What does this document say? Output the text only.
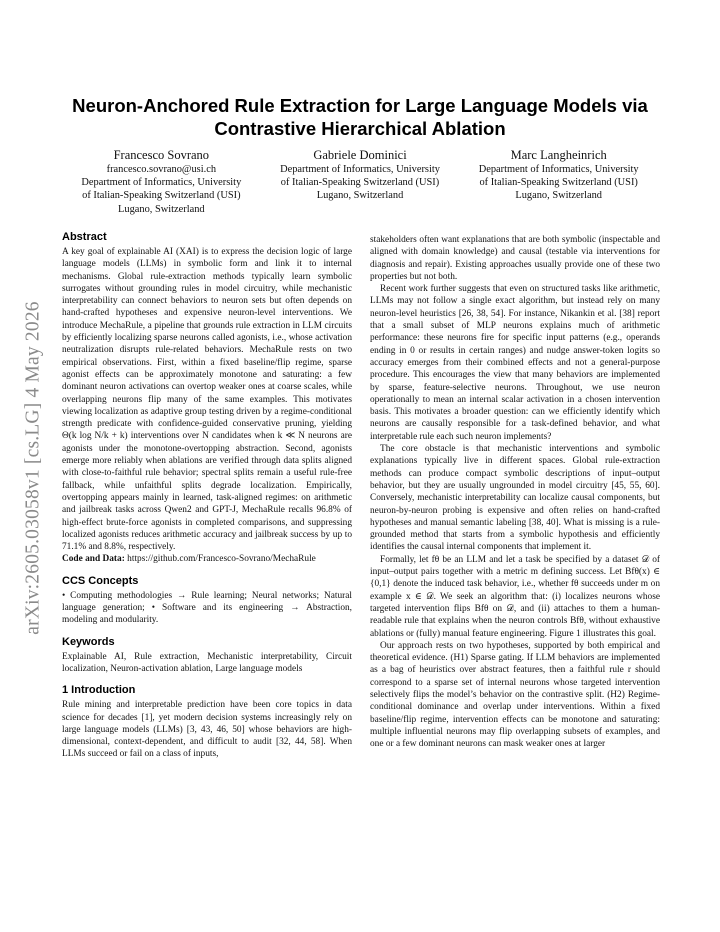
arXiv:2605.03058v1 [cs.LG] 4 May 2026
Neuron-Anchored Rule Extraction for Large Language Models via
Contrastive Hierarchical Ablation
Francesco Sovrano
francesco.sovrano@usi.ch
Department of Informatics, University
of Italian-Speaking Switzerland (USI)
Lugano, Switzerland
Gabriele Dominici
Department of Informatics, University
of Italian-Speaking Switzerland (USI)
Lugano, Switzerland
Marc Langheinrich
Department of Informatics, University
of Italian-Speaking Switzerland (USI)
Lugano, Switzerland
Abstract

A key goal of explainable AI (XAI) is to express the decision logic of large language models (LLMs) in symbolic form and link it to internal mechanisms. Global rule-extraction methods typically learn symbolic surrogates without grounding rules in model circuitry, while mechanistic interpretability can connect behaviors to neuron sets but often depends on hand-crafted hypotheses and expensive neuron-level interventions. We introduce MechaRule, a pipeline that grounds rule extraction in LLM circuits by efficiently localizing sparse neurons called agonists, i.e., whose activation neutralization disrupts rule-related behaviors. MechaRule rests on two empirical observations. First, within a fixed baseline/flip regime, sparse agonist effects can be approximately monotone and saturating: a few dominant neuron activations can overtop weaker ones at coarse scales, while overlapping neurons flip many of the same examples. This motivates viewing localization as adaptive group testing driven by a regime-conditional strength predicate with confidence-guided conservative pruning, yielding Θ(k log N/k + k) interventions over N candidates when k ≪ N neurons are agonists under the monotone-overtopping abstraction. Second, agonists emerge more reliably when ablations are verified through data splits aligned with close-to-faithful rule behavior; spectral splits remain a useful rule-free fallback, while unfaithful splits degrade localization. Empirically, overtopping appears mainly in learned, task-aligned regimes: on arithmetic and jailbreak tasks across Qwen2 and GPT-J, MechaRule recalls 96.8% of high-effect brute-force agonists in completed comparisons, and suppressing localized agonists reduces arithmetic accuracy and jailbreak success by up to 71.1% and 8.8%, respectively.

Code and Data: https://github.com/Francesco-Sovrano/MechaRule

CCS Concepts

• Computing methodologies → Rule learning; Neural networks; Natural language generation; • Software and its engineering → Abstraction, modeling and modularity.

Keywords

Explainable AI, Rule extraction, Mechanistic interpretability, Circuit localization, Neuron-activation ablation, Large language models

1 Introduction

Rule mining and interpretable prediction have been core topics in data science for decades [1], yet modern decision systems increasingly rely on large language models (LLMs) [3, 43, 46, 50] whose behaviors are high-dimensional, context-dependent, and difficult to audit [32, 44, 58]. When LLMs succeed or fail on a class of inputs,

stakeholders often want explanations that are both symbolic (inspectable and aligned with domain knowledge) and causal (testable via interventions for diagnosis and repair). Existing approaches usually provide one of these two properties but not both.

Recent work further suggests that even on structured tasks like arithmetic, LLMs may not follow a single exact algorithm, but instead rely on many neuron-level heuristics [26, 38, 54]. For instance, Nikankin et al. [38] report that a small subset of MLP neurons explains much of arithmetic performance: these neurons fire for specific input patterns (e.g., operands ending in 0 or results in certain ranges) and nudge answer-token logits so accuracy emerges from their combined effects and not a general-purpose procedure. This encourages the view that many behaviors are implemented by sparse, feature-selective neurons. Throughout, we use neuron operationally to mean an internal scalar activation in a chosen intervention basis. This motivates a broader question: can we efficiently identify which neurons are causally responsible for a task-defined behavior, and what interpretable rule each such neuron implements?

The core obstacle is that mechanistic interventions and symbolic explanations typically live in different spaces. Global rule-extraction methods can produce compact symbolic descriptions of input–output behavior, but they are usually ungrounded in model circuitry [45, 55, 60]. Conversely, mechanistic interpretability can localize causal components, but neuron-by-neuron probing is expensive and often relies on hand-crafted hypotheses and manual semantic labeling [38, 40]. What is missing is a rule-grounded method that starts from a symbolic hypothesis and efficiently identifies the causal internal components that implement it.

Formally, let fθ be an LLM and let a task be specified by a dataset 𝒟 of input–output pairs together with a metric m defining success. Let Bfθ(x) ∈ {0,1} denote the induced task behavior, i.e., whether fθ succeeds under m on example x ∈ 𝒟. We seek an algorithm that: (i) localizes neurons whose targeted intervention flips Bfθ on 𝒟, and (ii) attaches to them a human-readable rule that explains when the neuron controls Bfθ, without exhaustive ablations or (fully) manual feature engineering. Figure 1 illustrates this goal.

Our approach rests on two hypotheses, supported by both empirical and theoretical evidence. (H1) Sparse gating. If LLM behaviors are implemented as a bag of heuristics over abstract features, then a faithful rule r should correspond to a sparse set of internal neurons whose targeted intervention selectively flips the model’s behavior on the contrastive split. (H2) Regime-conditional dominance and overlap under interventions. Within a fixed baseline/flip regime, intervention effects can be monotone and saturating: multiple influential neurons may flip overlapping subsets of examples, and one or a few dominant neurons can mask weaker ones at larger
